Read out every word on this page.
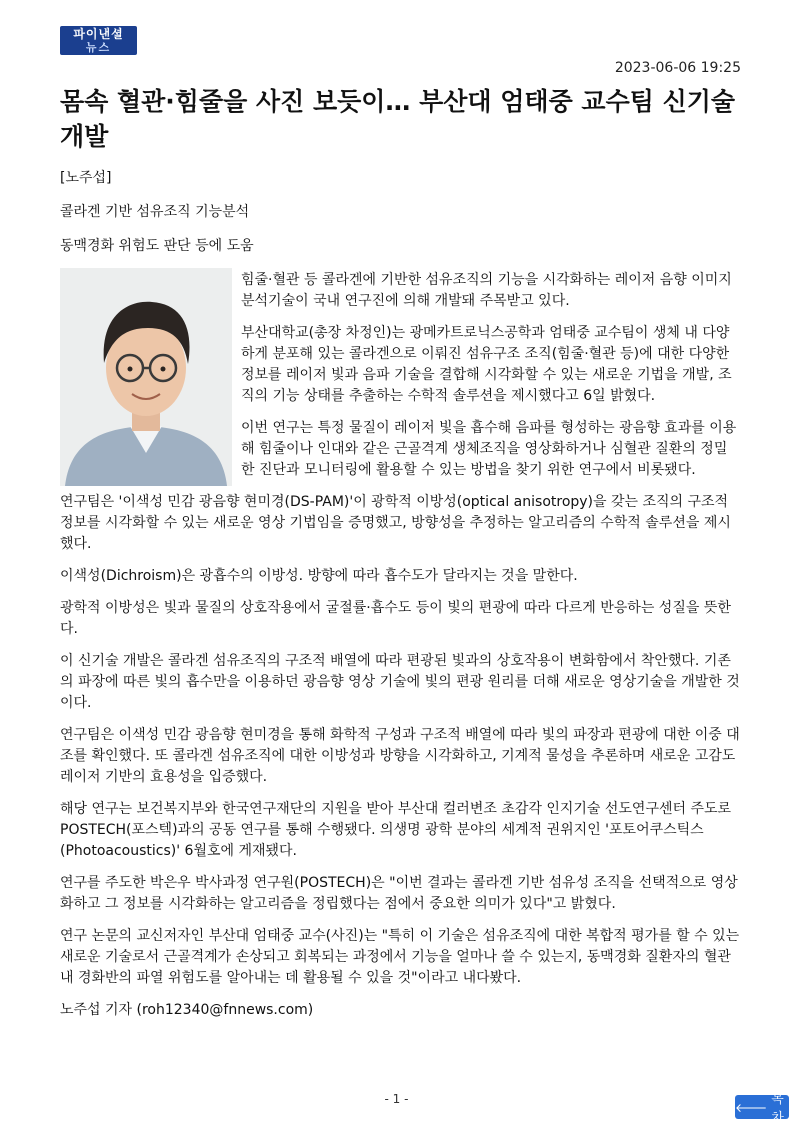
파이낸셜
뉴스
2023-06-06 19:25
몸속 혈관·힘줄을 사진 보듯이… 부산대 엄태중 교수팀 신기술 개발

[노주섭]

콜라겐 기반 섬유조직 기능분석

동맥경화 위험도 판단 등에 도움

힘줄·혈관 등 콜라겐에 기반한 섬유조직의 기능을 시각화하는 레이저 음향 이미지 분석기술이 국내 연구진에 의해 개발돼 주목받고 있다.

부산대학교(총장 차정인)는 광메카트로닉스공학과 엄태중 교수팀이 생체 내 다양하게 분포해 있는 콜라겐으로 이뤄진 섬유구조 조직(힘줄·혈관 등)에 대한 다양한 정보를 레이저 빛과 음파 기술을 결합해 시각화할 수 있는 새로운 기법을 개발, 조직의 기능 상태를 추출하는 수학적 솔루션을 제시했다고 6일 밝혔다.

이번 연구는 특정 물질이 레이저 빛을 흡수해 음파를 형성하는 광음향 효과를 이용해 힘줄이나 인대와 같은 근골격계 생체조직을 영상화하거나 심혈관 질환의 정밀한 진단과 모니터링에 활용할 수 있는 방법을 찾기 위한 연구에서 비롯됐다.

연구팀은 '이색성 민감 광음향 현미경(DS-PAM)'이 광학적 이방성(optical anisotropy)을 갖는 조직의 구조적 정보를 시각화할 수 있는 새로운 영상 기법임을 증명했고, 방향성을 추정하는 알고리즘의 수학적 솔루션을 제시했다.

이색성(Dichroism)은 광흡수의 이방성. 방향에 따라 흡수도가 달라지는 것을 말한다.

광학적 이방성은 빛과 물질의 상호작용에서 굴절률·흡수도 등이 빛의 편광에 따라 다르게 반응하는 성질을 뜻한다.

이 신기술 개발은 콜라겐 섬유조직의 구조적 배열에 따라 편광된 빛과의 상호작용이 변화함에서 착안했다. 기존의 파장에 따른 빛의 흡수만을 이용하던 광음향 영상 기술에 빛의 편광 원리를 더해 새로운 영상기술을 개발한 것이다.

연구팀은 이색성 민감 광음향 현미경을 통해 화학적 구성과 구조적 배열에 따라 빛의 파장과 편광에 대한 이중 대조를 확인했다. 또 콜라겐 섬유조직에 대한 이방성과 방향을 시각화하고, 기계적 물성을 추론하며 새로운 고감도 레이저 기반의 효용성을 입증했다.

해당 연구는 보건복지부와 한국연구재단의 지원을 받아 부산대 컬러변조 초감각 인지기술 선도연구센터 주도로 POSTECH(포스텍)과의 공동 연구를 통해 수행됐다. 의생명 광학 분야의 세계적 권위지인 '포토어쿠스틱스(Photoacoustics)' 6월호에 게재됐다.

연구를 주도한 박은우 박사과정 연구원(POSTECH)은 "이번 결과는 콜라겐 기반 섬유성 조직을 선택적으로 영상화하고 그 정보를 시각화하는 알고리즘을 정립했다는 점에서 중요한 의미가 있다"고 밝혔다.

연구 논문의 교신저자인 부산대 엄태중 교수(사진)는 "특히 이 기술은 섬유조직에 대한 복합적 평가를 할 수 있는 새로운 기술로서 근골격계가 손상되고 회복되는 과정에서 기능을 얼마나 쓸 수 있는지, 동맥경화 질환자의 혈관 내 경화반의 파열 위험도를 알아내는 데 활용될 수 있을 것"이라고 내다봤다.

노주섭 기자 (roh12340@fnnews.com)

- 1 -
🡐
목차
